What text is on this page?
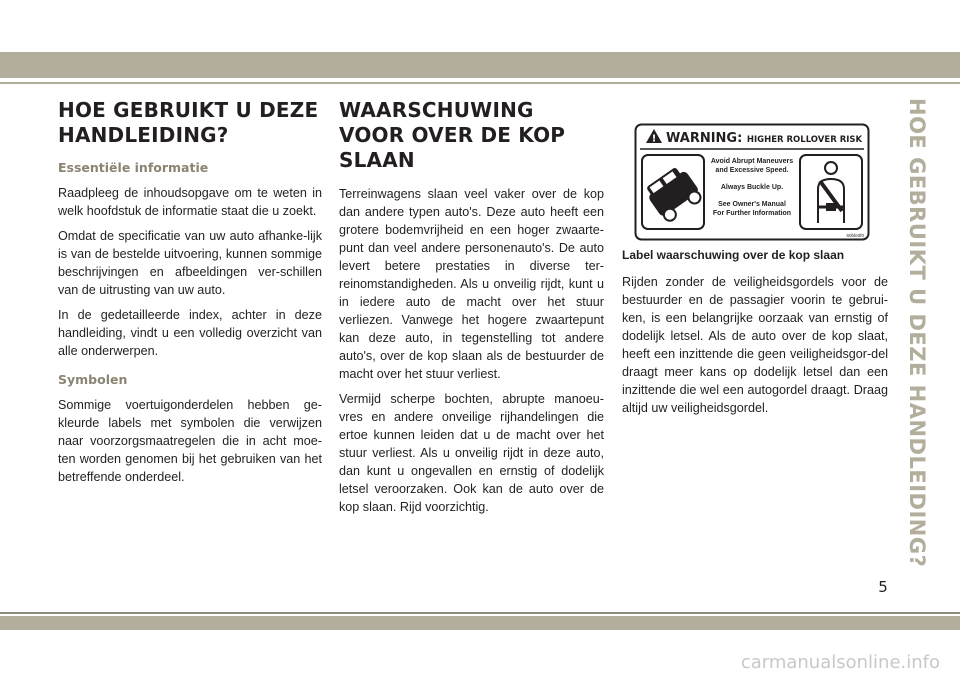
HOE GEBRUIKT U DEZE HANDLEIDING?
Essentiële informatie

Raadpleeg de inhoudsopgave om te weten in welk hoofdstuk de informatie staat die u zoekt.

Omdat de specificatie van uw auto afhanke-lijk is van de bestelde uitvoering, kunnen sommige beschrijvingen en afbeeldingen ver-schillen van de uitrusting van uw auto.

In de gedetailleerde index, achter in deze handleiding, vindt u een volledig overzicht van alle onderwerpen.

Symbolen

Sommige voertuigonderdelen hebben ge-kleurde labels met symbolen die verwijzen naar voorzorgsmaatregelen die in acht moe-ten worden genomen bij het gebruiken van het betreffende onderdeel.

WAARSCHUWING VOOR OVER DE KOP SLAAN

Terreinwagens slaan veel vaker over de kop dan andere typen auto's. Deze auto heeft een grotere bodemvrijheid en een hoger zwaarte-punt dan veel andere personenauto's. De auto levert betere prestaties in diverse ter-reinomstandigheden. Als u onveilig rijdt, kunt u in iedere auto de macht over het stuur verliezen. Vanwege het hogere zwaartepunt kan deze auto, in tegenstelling tot andere auto's, over de kop slaan als de bestuurder de macht over het stuur verliest.

Vermijd scherpe bochten, abrupte manoeu-vres en andere onveilige rijhandelingen die ertoe kunnen leiden dat u de macht over het stuur verliest. Als u onveilig rijdt in deze auto, dan kunt u ongevallen en ernstig of dodelijk letsel veroorzaken. Ook kan de auto over de kop slaan. Rijd voorzichtig.

! WARNING: HIGHER ROLLOVER RISK
Avoid Abrupt Maneuvers
and Excessive Speed.
Always Buckle Up.
See Owner's Manual
For Further Information
60bfe0f0
Label waarschuwing over de kop slaan

Rijden zonder de veiligheidsgordels voor de bestuurder en de passagier voorin te gebrui-ken, is een belangrijke oorzaak van ernstig of dodelijk letsel. Als de auto over de kop slaat, heeft een inzittende die geen veiligheidsgor-del draagt meer kans op dodelijk letsel dan een inzittende die wel een autogordel draagt. Draag altijd uw veiligheidsgordel.	HOE GEBRUIKT U DEZE HANDLEIDING?
5
carmanualsonline.info
